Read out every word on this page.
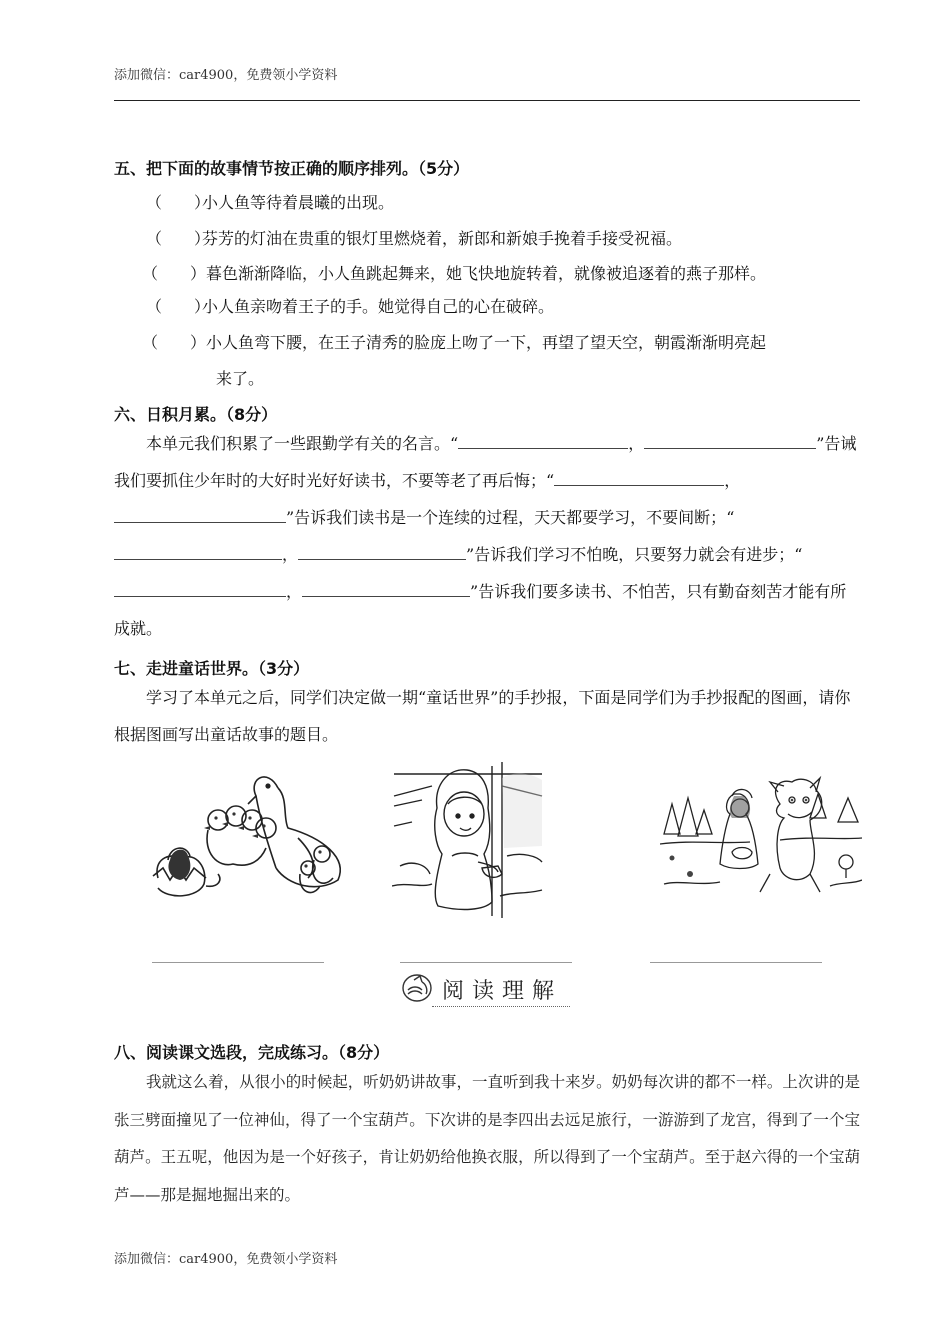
添加微信：car4900，免费领小学资料
五、把下面的故事情节按正确的顺序排列。（5分）
（　　）小人鱼等待着晨曦的出现。
（　　）芬芳的灯油在贵重的银灯里燃烧着，新郎和新娘手挽着手接受祝福。
（　　）暮色渐渐降临，小人鱼跳起舞来，她飞快地旋转着，就像被追逐着的燕子那样。
（　　）小人鱼亲吻着王子的手。她觉得自己的心在破碎。
（　　）小人鱼弯下腰，在王子清秀的脸庞上吻了一下，再望了望天空，朝霞渐渐明亮起
来了。
六、日积月累。（8分）
本单元我们积累了一些跟勤学有关的名言。“	，	”告诫我们要抓住少年时的大好时光好好读书，不要等老了再后悔；“	，”告诉我们读书是一个连续的过程，天天都要学习，不要间断；“，	”告诉我们学习不怕晚，只要努力就会有进步；“，	”告诉我们要多读书、不怕苦，只有勤奋刻苦才能有所成就。
七、走进童话世界。（3分）
学习了本单元之后，同学们决定做一期“童话世界”的手抄报，下面是同学们为手抄报配的图画，请你根据图画写出童话故事的题目。
阅读理解
八、阅读课文选段，完成练习。（8分）
我就这么着，从很小的时候起，听奶奶讲故事，一直听到我十来岁。奶奶每次讲的都不一样。上次讲的是张三劈面撞见了一位神仙，得了一个宝葫芦。下次讲的是李四出去远足旅行，一游游到了龙宫，得到了一个宝葫芦。王五呢，他因为是一个好孩子，肯让奶奶给他换衣服，所以得到了一个宝葫芦。至于赵六得的一个宝葫芦——那是掘地掘出来的。
添加微信：car4900，免费领小学资料
